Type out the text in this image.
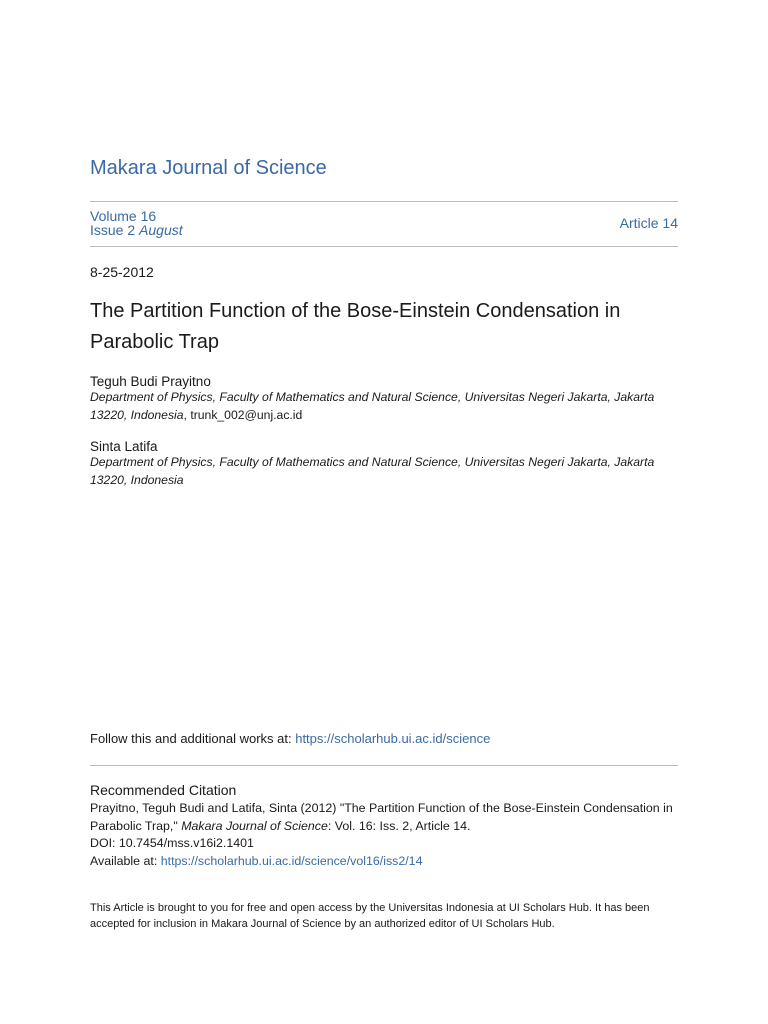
Makara Journal of Science
Volume 16
Issue 2 August	Article 14
8-25-2012
The Partition Function of the Bose-Einstein Condensation in Parabolic Trap
Teguh Budi Prayitno
Department of Physics, Faculty of Mathematics and Natural Science, Universitas Negeri Jakarta, Jakarta 13220, Indonesia, trunk_002@unj.ac.id
Sinta Latifa
Department of Physics, Faculty of Mathematics and Natural Science, Universitas Negeri Jakarta, Jakarta 13220, Indonesia
Follow this and additional works at: https://scholarhub.ui.ac.id/science
Recommended Citation
Prayitno, Teguh Budi and Latifa, Sinta (2012) "The Partition Function of the Bose-Einstein Condensation in Parabolic Trap," Makara Journal of Science: Vol. 16: Iss. 2, Article 14.
DOI: 10.7454/mss.v16i2.1401
Available at: https://scholarhub.ui.ac.id/science/vol16/iss2/14
This Article is brought to you for free and open access by the Universitas Indonesia at UI Scholars Hub. It has been accepted for inclusion in Makara Journal of Science by an authorized editor of UI Scholars Hub.
